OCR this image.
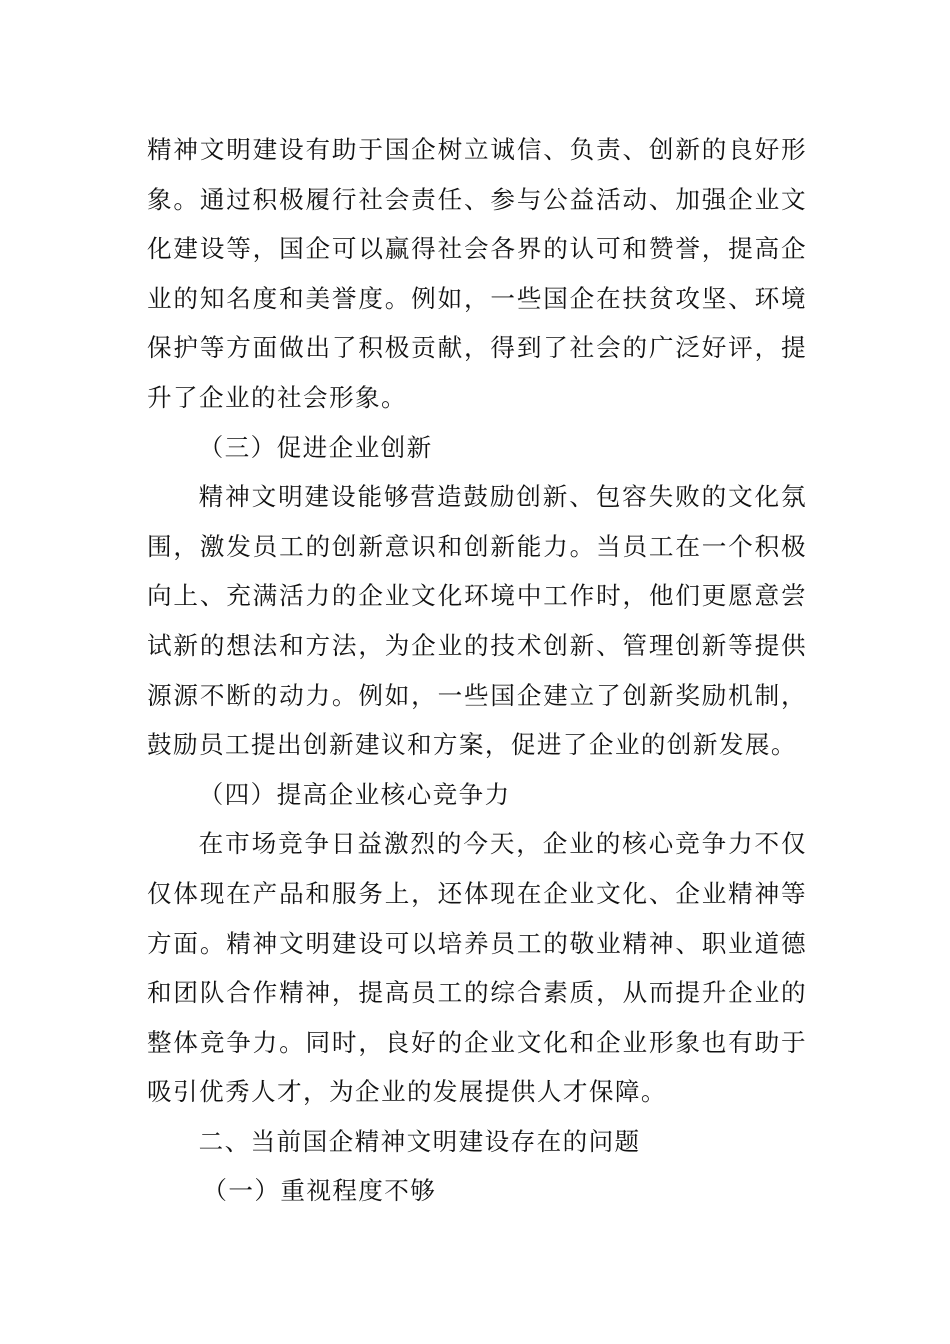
精神文明建设有助于国企树立诚信、负责、创新的良好形象。通过积极履行社会责任、参与公益活动、加强企业文化建设等，国企可以赢得社会各界的认可和赞誉，提高企业的知名度和美誉度。例如，一些国企在扶贫攻坚、环境保护等方面做出了积极贡献，得到了社会的广泛好评，提升了企业的社会形象。

（三）促进企业创新

精神文明建设能够营造鼓励创新、包容失败的文化氛围，激发员工的创新意识和创新能力。当员工在一个积极向上、充满活力的企业文化环境中工作时，他们更愿意尝试新的想法和方法，为企业的技术创新、管理创新等提供源源不断的动力。例如，一些国企建立了创新奖励机制，鼓励员工提出创新建议和方案，促进了企业的创新发展。

（四）提高企业核心竞争力

在市场竞争日益激烈的今天，企业的核心竞争力不仅仅体现在产品和服务上，还体现在企业文化、企业精神等方面。精神文明建设可以培养员工的敬业精神、职业道德和团队合作精神，提高员工的综合素质，从而提升企业的整体竞争力。同时，良好的企业文化和企业形象也有助于吸引优秀人才，为企业的发展提供人才保障。

二、当前国企精神文明建设存在的问题

（一）重视程度不够
